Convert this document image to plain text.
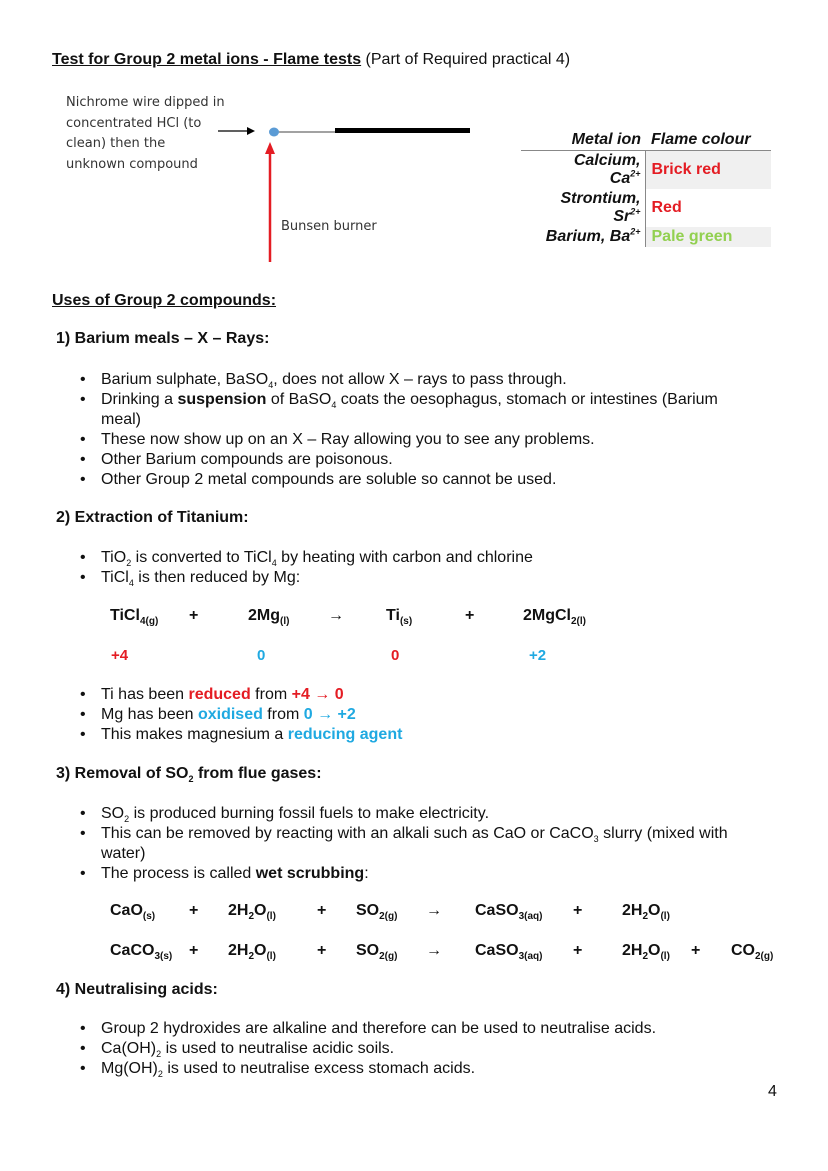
Test for Group 2 metal ions - Flame tests (Part of Required practical 4)
Nichrome wire dipped in concentrated HCl (to clean) then the unknown compound
Bunsen burner
Metal ion	Flame colour
Calcium,
$Ca^{2+}$	Brick red
Strontium,
$Sr^{2+}$	Red
Barium, $Ba^{2+}$	Pale green
Uses of Group 2 compounds:
1) Barium meals – X – Rays:
• Barium sulphate, BaSO$_4$, does not allow X – rays to pass through.
• Drinking a suspension of BaSO$_4$ coats the oesophagus, stomach or intestines (Barium meal)
• These now show up on an X – Ray allowing you to see any problems.
• Other Barium compounds are poisonous.
• Other Group 2 metal compounds are soluble so cannot be used.
2) Extraction of Titanium:
• TiO$_2$ is converted to TiCl$_4$ by heating with carbon and chlorine
• TiCl$_4$ is then reduced by Mg:
TiCl$_{4(g)}$ +	$2Mg_{(l)}$ →	$Ti_{(s)}$	+	2MgCl$_{2(l)}$
+4	0	0	+2
• Ti has been reduced from +4 → 0
• Mg has been oxidised from 0 → +2
• This makes magnesium a reducing agent
3) Removal of $SO_2$ from flue gases:
• $SO_2$ is produced burning fossil fuels to make electricity.
• This can be removed by reacting with an alkali such as CaO or CaCO$_3$ slurry (mixed with water)
• The process is called wet scrubbing:
$CaO_{(s)} + 2H_2O_{(l)}$	+ $SO_{2(g)}$ → CaSO$_{3(aq)}$ + $2H_2O_{(l)}$
CaCO$_{3(s)}$ + $2H_2O_{(l)}$	+ $SO_{2(g)}$ → CaSO$_{3(aq)}$ + $2H_2O_{(l)} + CO_{2(g)}$
4) Neutralising acids:
• Group 2 hydroxides are alkaline and therefore can be used to neutralise acids.
• $Ca(OH)_2$ is used to neutralise acidic soils.
• $Mg(OH)_2$ is used to neutralise excess stomach acids.
4
